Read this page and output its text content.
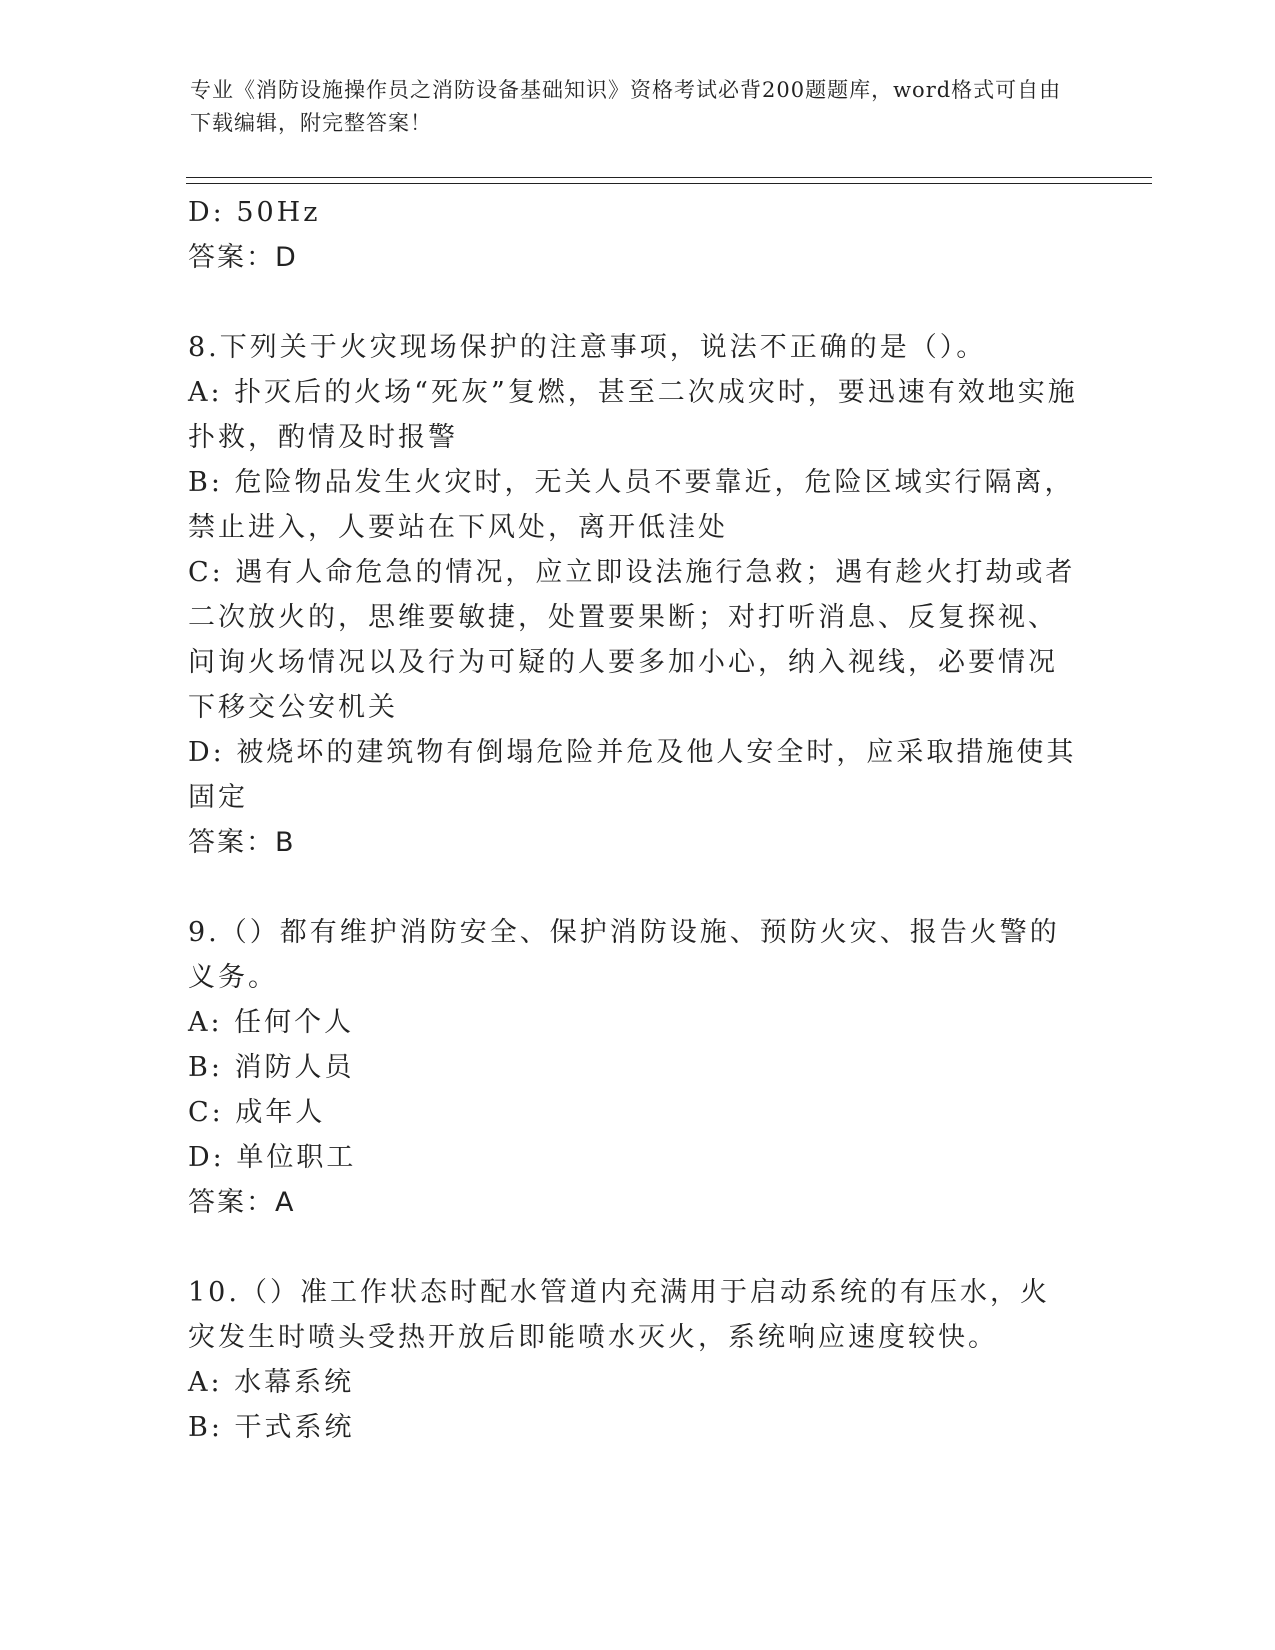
专业《消防设施操作员之消防设备基础知识》资格考试必背200题题库，word格式可自由下载编辑，附完整答案！

D: 50Hz

答案：D

8.下列关于火灾现场保护的注意事项，说法不正确的是（）。

A: 扑灭后的火场“死灰”复燃，甚至二次成灾时，要迅速有效地实施扑救，酌情及时报警

B: 危险物品发生火灾时，无关人员不要靠近，危险区域实行隔离，禁止进入，人要站在下风处，离开低洼处

C: 遇有人命危急的情况，应立即设法施行急救；遇有趁火打劫或者二次放火的，思维要敏捷，处置要果断；对打听消息、反复探视、问询火场情况以及行为可疑的人要多加小心，纳入视线，必要情况下移交公安机关

D: 被烧坏的建筑物有倒塌危险并危及他人安全时，应采取措施使其固定

答案：B

9.（）都有维护消防安全、保护消防设施、预防火灾、报告火警的义务。

A: 任何个人

B: 消防人员

C: 成年人

D: 单位职工

答案：A

10.（）准工作状态时配水管道内充满用于启动系统的有压水，火灾发生时喷头受热开放后即能喷水灭火，系统响应速度较快。

A: 水幕系统

B: 干式系统
